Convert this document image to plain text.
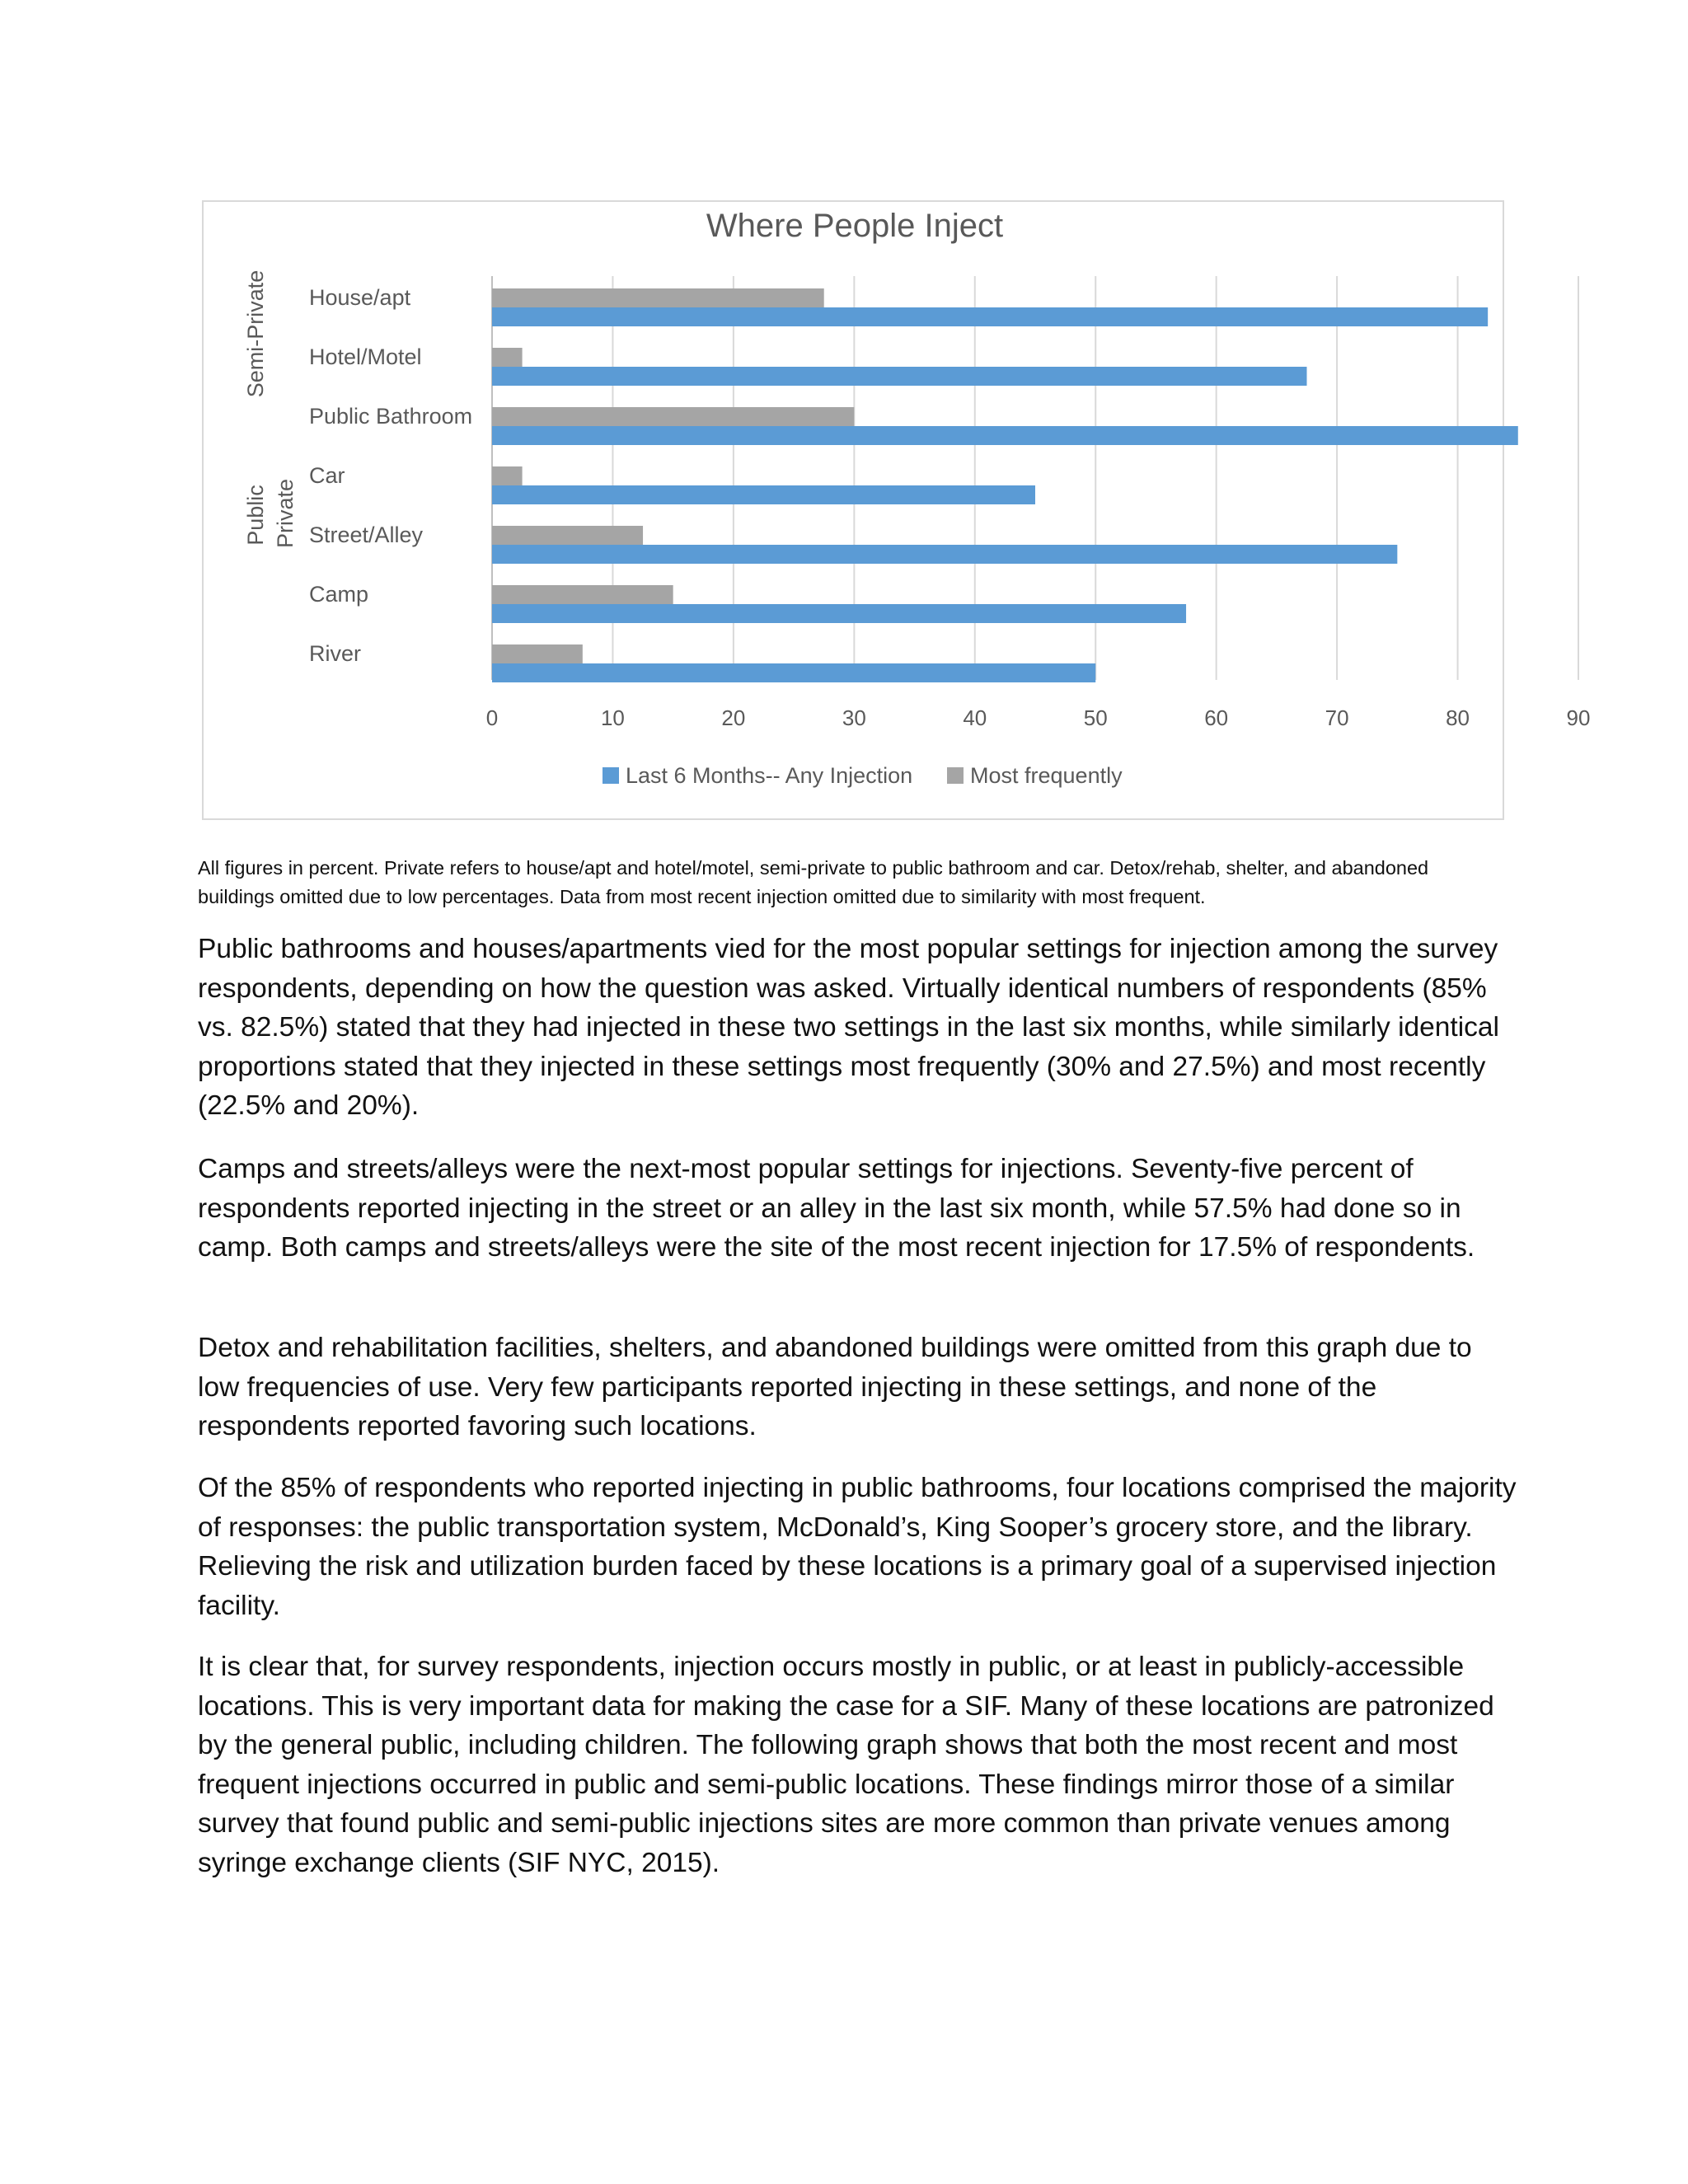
Where People Inject
House/apt
Hotel/Motel
Public Bathroom
Car
Street/Alley
Camp
River
Semi-Private
Public Private
0	10	20	30	40	50	60	70	80	90
Last 6 Months-- Any Injection	Most frequently
All figures in percent. Private refers to house/apt and hotel/motel, semi-private to public bathroom and car. Detox/rehab, shelter, and abandoned buildings omitted due to low percentages. Data from most recent injection omitted due to similarity with most frequent.

Public bathrooms and houses/apartments vied for the most popular settings for injection among the survey respondents, depending on how the question was asked. Virtually identical numbers of respondents (85% vs. 82.5%) stated that they had injected in these two settings in the last six months, while similarly identical proportions stated that they injected in these settings most frequently (30% and 27.5%) and most recently (22.5% and 20%).

Camps and streets/alleys were the next-most popular settings for injections. Seventy-five percent of respondents reported injecting in the street or an alley in the last six month, while 57.5% had done so in camp. Both camps and streets/alleys were the site of the most recent injection for 17.5% of respondents.

Detox and rehabilitation facilities, shelters, and abandoned buildings were omitted from this graph due to low frequencies of use. Very few participants reported injecting in these settings, and none of the respondents reported favoring such locations.

Of the 85% of respondents who reported injecting in public bathrooms, four locations comprised the majority of responses: the public transportation system, McDonald’s, King Sooper’s grocery store, and the library. Relieving the risk and utilization burden faced by these locations is a primary goal of a supervised injection facility.

It is clear that, for survey respondents, injection occurs mostly in public, or at least in publicly-accessible locations. This is very important data for making the case for a SIF. Many of these locations are patronized by the general public, including children. The following graph shows that both the most recent and most frequent injections occurred in public and semi-public locations. These findings mirror those of a similar survey that found public and semi-public injections sites are more common than private venues among syringe exchange clients (SIF NYC, 2015).
